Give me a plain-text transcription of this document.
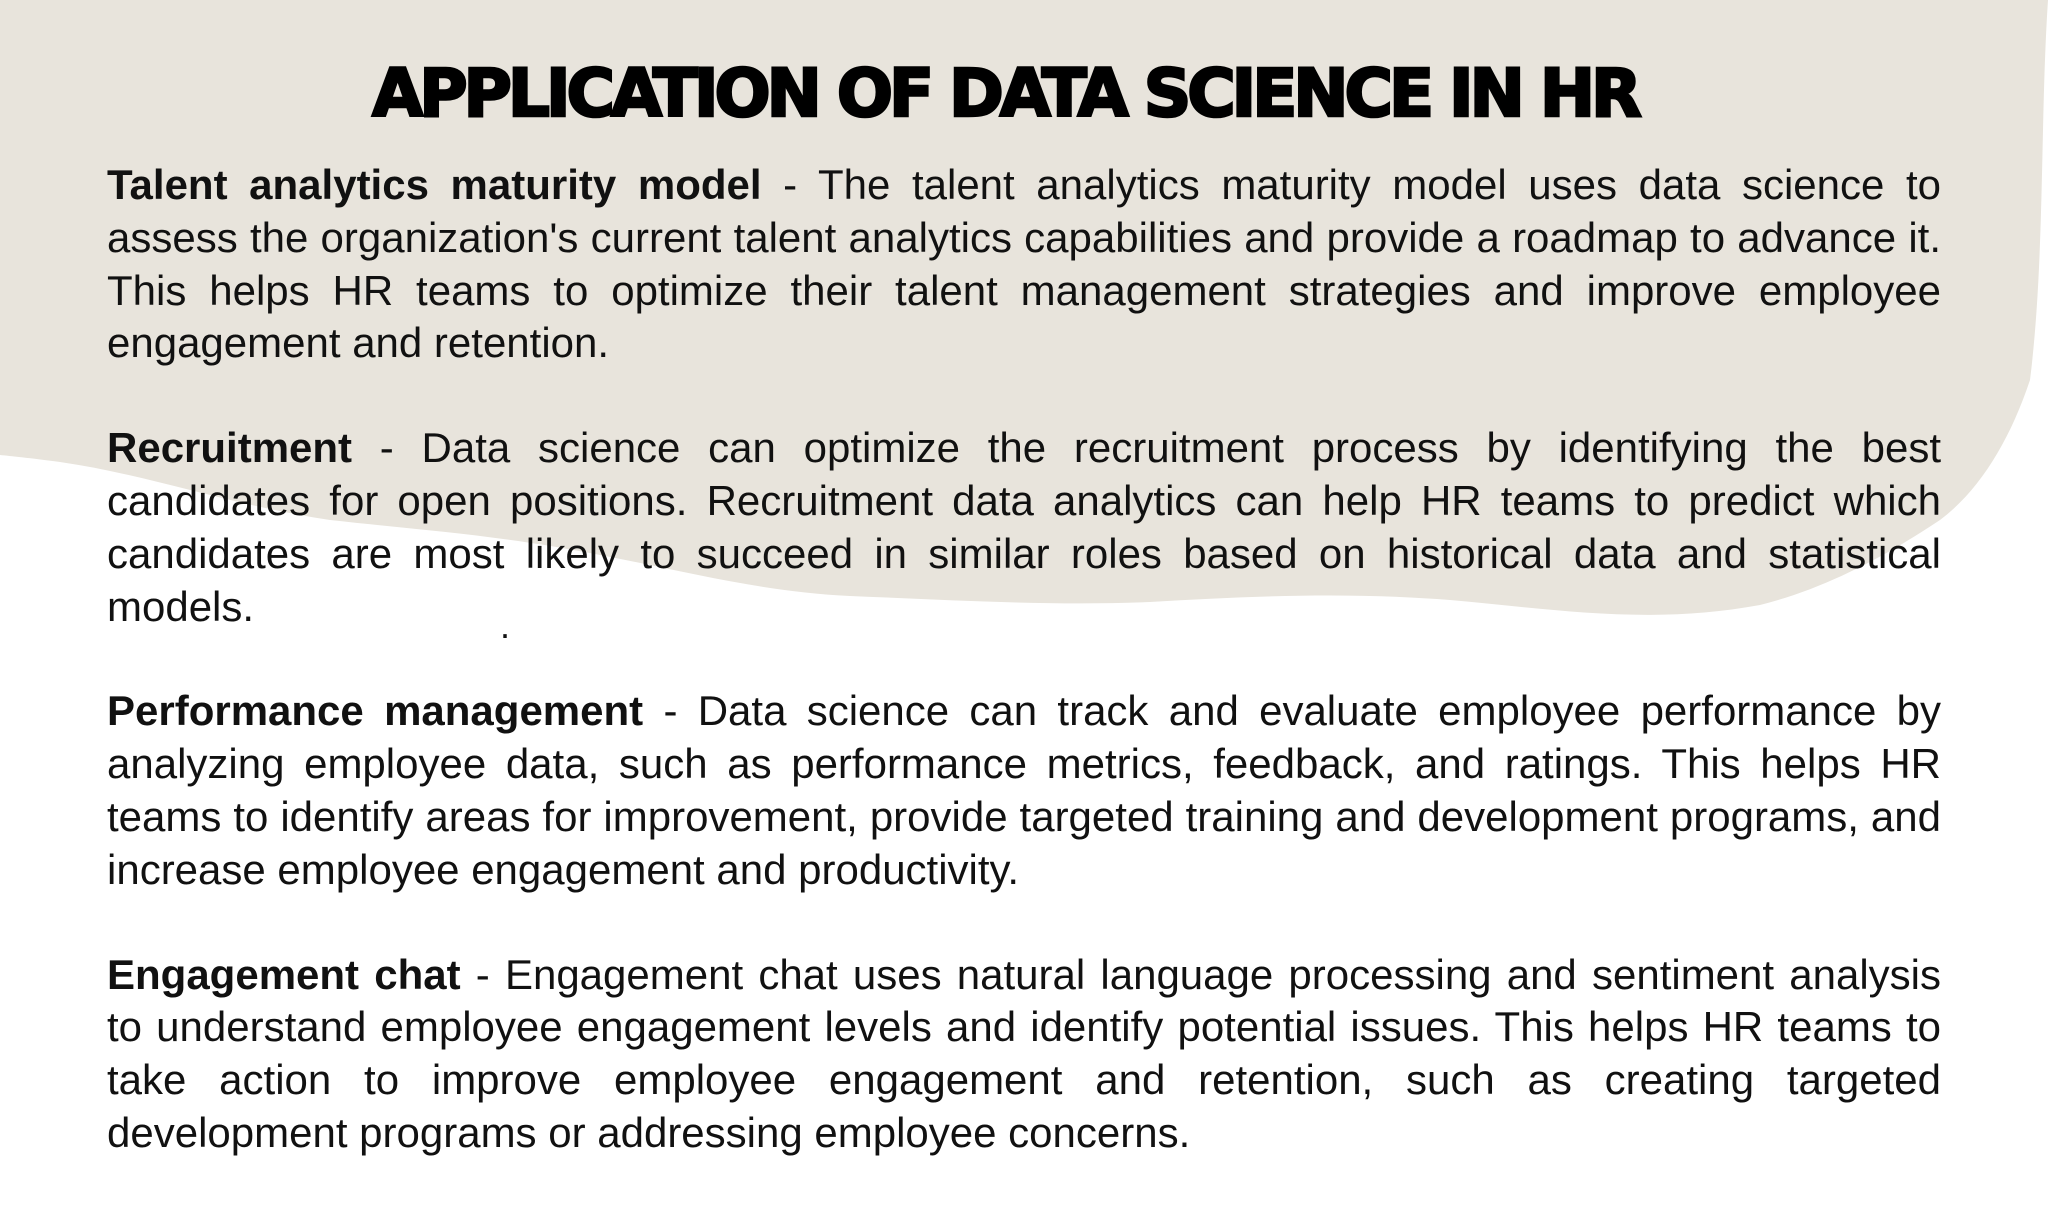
APPLICATION OF DATA SCIENCE IN HR

Talent analytics maturity model - The talent analytics maturity model uses data science to assess the organization's current talent analytics capabilities and provide a roadmap to advance it. This helps HR teams to optimize their talent management strategies and improve employee engagement and retention.

Recruitment - Data science can optimize the recruitment process by identifying the best candidates for open positions. Recruitment data analytics can help HR teams to predict which candidates are most likely to succeed in similar roles based on historical data and statistical models.

Performance management - Data science can track and evaluate employee performance by analyzing employee data, such as performance metrics, feedback, and ratings. This helps HR teams to identify areas for improvement, provide targeted training and development programs, and increase employee engagement and productivity.

Engagement chat - Engagement chat uses natural language processing and sentiment analysis to understand employee engagement levels and identify potential issues. This helps HR teams to take action to improve employee engagement and retention, such as creating targeted development programs or addressing employee concerns.

.
